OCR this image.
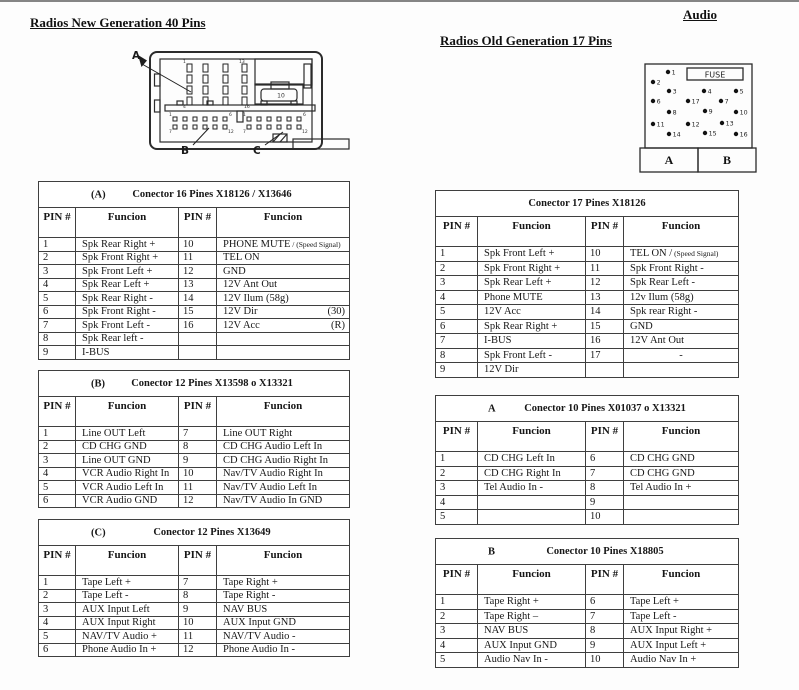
Audio
Radios New Generation 40 Pins
Radios Old Generation 17 Pins
1	13
4	16
1	6
7	12
1	6
7	12
10
A
B	C
FUSE
A	B
1
2
3	4	5
6	17	7
8	9	10
11	12	13
14	15	16
(A) Conector 16 Pines X18126 / X13646			
PIN #	Funcion	PIN #	Funcion
1	Spk Rear Right +	10	PHONE MUTE / (Speed Signal)
2	Spk Front Right +	11	TEL ON
3	Spk Front Left +	12	GND
4	Spk Rear Left +	13	12V Ant Out
5	Spk Rear Right -	14	12V Ilum (58g)
6	Spk Front Right -	15	12V Dir (30)

7	Spk Front Left -	16	12V Acc (R)

8	Spk Rear left -		
9	I-BUS		
(B) Conector 12 Pines X13598 o X13321			
PIN #	Funcion	PIN #	Funcion
1	Line OUT Left	7	Line OUT Right
2	CD CHG GND	8	CD CHG Audio Left In
3	Line OUT GND	9	CD CHG Audio Right In
4	VCR Audio Right In	10	Nav/TV Audio Right In
5	VCR Audio Left In	11	Nav/TV Audio Left In
6	VCR Audio GND	12	Nav/TV Audio In GND
(C) Conector 12 Pines X13649			
PIN #	Funcion	PIN #	Funcion
1	Tape Left +	7	Tape Right +
2	Tape Left -	8	Tape Right -
3	AUX Input Left	9	NAV BUS
4	AUX Input Right	10	AUX Input GND
5	NAV/TV Audio +	11	NAV/TV Audio -
6	Phone Audio In +	12	Phone Audio In -
Conector 17 Pines X18126			
PIN #	Funcion	PIN #	Funcion
1	Spk Front Left +	10	TEL ON / (Speed Signal)
2	Spk Front Right +	11	Spk Front Right -
3	Spk Rear Left +	12	Spk Rear Left -
4	Phone MUTE	13	12v Ilum (58g)
5	12V Acc	14	Spk rear Right -
6	Spk Rear Right +	15	GND
7	I-BUS	16	12V Ant Out
8	Spk Front Left -	17	-
9	12V Dir		
A Conector 10 Pines X01037 o X13321			
PIN #	Funcion	PIN #	Funcion
1	CD CHG Left In	6	CD CHG GND
2	CD CHG Right In	7	CD CHG GND
3	Tel Audio In -	8	Tel Audio In +
4		9	
5		10	
B Conector 10 Pines X18805			
PIN #	Funcion	PIN #	Funcion
1	Tape Right +	6	Tape Left +
2	Tape Right –	7	Tape Left -
3	NAV BUS	8	AUX Input Right +
4	AUX Input GND	9	AUX Input Left +
5	Audio Nav In -	10	Audio Nav In +
